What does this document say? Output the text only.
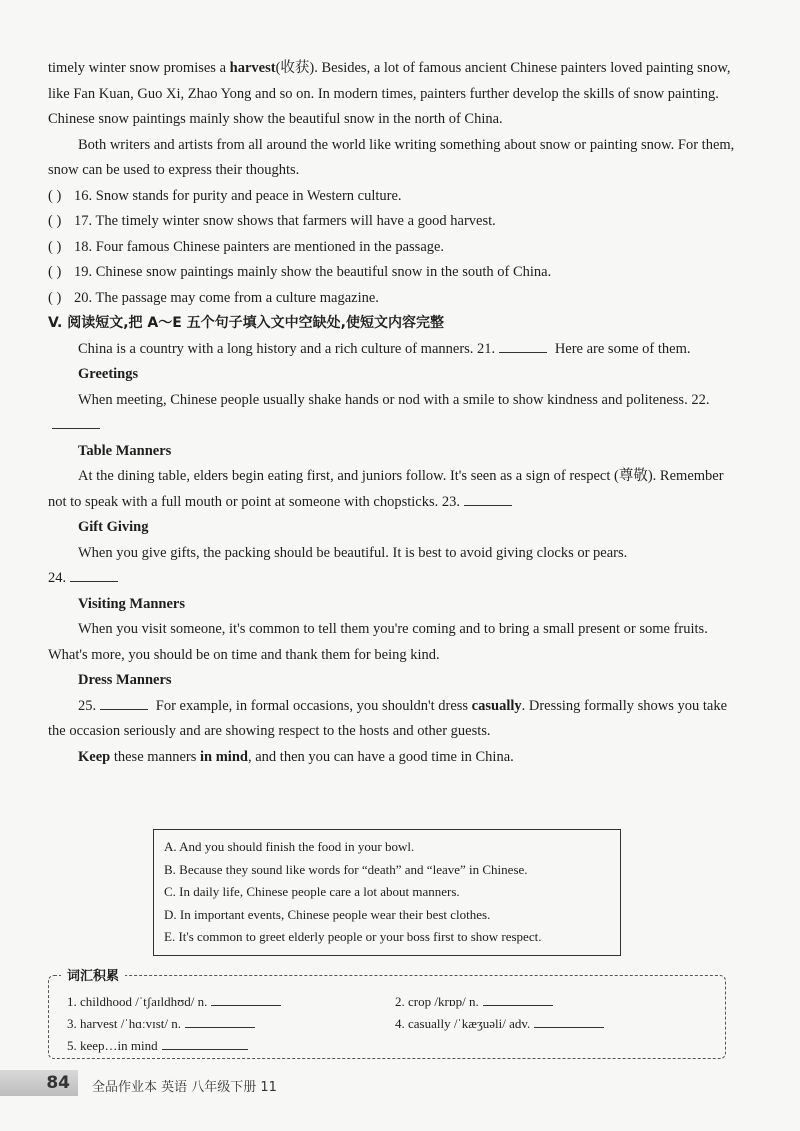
timely winter snow promises a harvest(收获). Besides, a lot of famous ancient Chinese painters loved painting snow, like Fan Kuan, Guo Xi, Zhao Yong and so on. In modern times, painters further develop the skills of snow painting. Chinese snow paintings mainly show the beautiful snow in the north of China.

Both writers and artists from all around the world like writing something about snow or painting snow. For them, snow can be used to express their thoughts.

( ) 16. Snow stands for purity and peace in Western culture.

( ) 17. The timely winter snow shows that farmers will have a good harvest.

( ) 18. Four famous Chinese painters are mentioned in the passage.

( ) 19. Chinese snow paintings mainly show the beautiful snow in the south of China.

( ) 20. The passage may come from a culture magazine.

V. 阅读短文,把 A～E 五个句子填入文中空缺处,使短文内容完整

China is a country with a long history and a rich culture of manners. 21.	Here are some of them.

Greetings

When meeting, Chinese people usually shake hands or nod with a smile to show kindness and politeness. 22.

Table Manners

At the dining table, elders begin eating first, and juniors follow. It's seen as a sign of respect (尊敬). Remember not to speak with a full mouth or point at someone with chopsticks. 23.

Gift Giving

When you give gifts, the packing should be beautiful. It is best to avoid giving clocks or pears.

24.

Visiting Manners

When you visit someone, it's common to tell them you're coming and to bring a small present or some fruits. What's more, you should be on time and thank them for being kind.

Dress Manners

25.	For example, in formal occasions, you shouldn't dress casually. Dressing formally shows you take the occasion seriously and are showing respect to the hosts and other guests.

Keep these manners in mind, and then you can have a good time in China.

A. And you should finish the food in your bowl.
B. Because they sound like words for “death” and “leave” in Chinese.
C. In daily life, Chinese people care a lot about manners.
D. In important events, Chinese people wear their best clothes.
E. It's common to greet elderly people or your boss first to show respect.
词汇积累
1. childhood /ˈtʃaɪldhʊd/ n.	2. crop /krɒp/ n.
3. harvest /ˈhɑːvɪst/ n.	4. casually /ˈkæʒuəli/ adv.
5. keep…in mind
84	全品作业本 英语 八年级下册 11
